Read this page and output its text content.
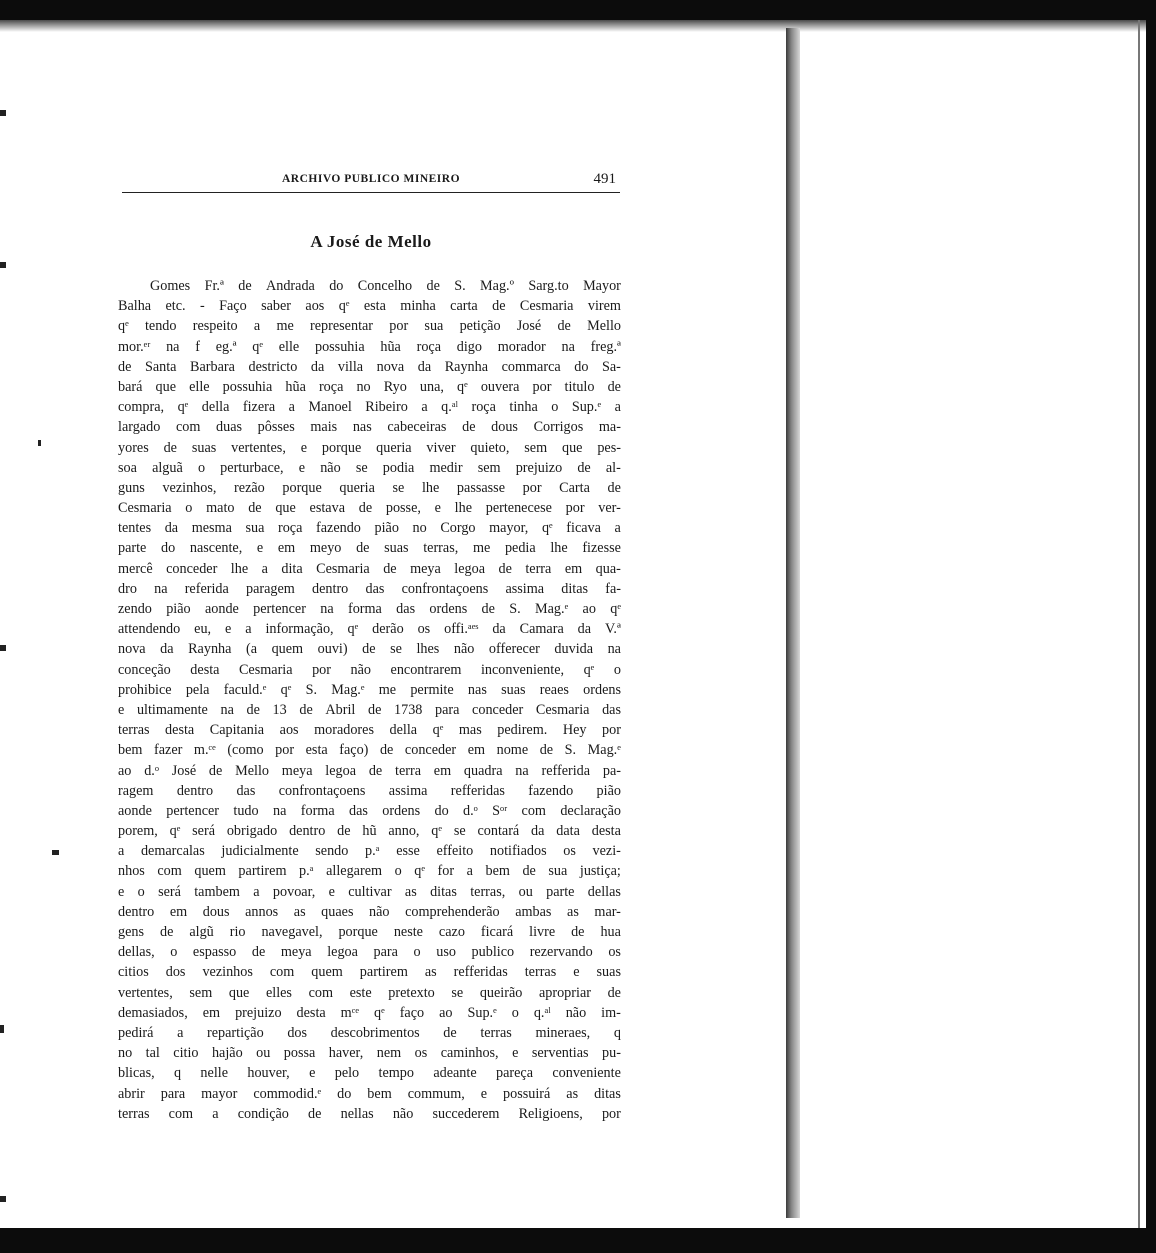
ARCHIVO PUBLICO MINEIRO	491
A José de Mello
Gomes Fr.ª de Andrada do Concelho de S. Mag.º Sarg.to Mayor
Balha etc. - Faço saber aos qᵉ esta minha carta de Cesmaria virem
qᵉ tendo respeito a me representar por sua petição José de Mello
mor.ᵉʳ na f eg.ª qᵉ elle possuhia hũa roça digo morador na freg.ª
de Santa Barbara destricto da villa nova da Raynha commarca do Sa-
bará que elle possuhia hũa roça no Ryo una, qᵉ ouvera por titulo de
compra, qᵉ della fizera a Manoel Ribeiro a q.ᵃˡ roça tinha o Sup.ᵉ a
largado com duas pôsses mais nas cabeceiras de dous Corrigos ma-
yores de suas vertentes, e porque queria viver quieto, sem que pes-
soa alguã o perturbace, e não se podia medir sem prejuizo de al-
guns vezinhos, rezão porque queria se lhe passasse por Carta de
Cesmaria o mato de que estava de posse, e lhe pertenecese por ver-
tentes da mesma sua roça fazendo pião no Corgo mayor, qᵉ ficava a
parte do nascente, e em meyo de suas terras, me pedia lhe fizesse
mercê conceder lhe a dita Cesmaria de meya legoa de terra em qua-
dro na referida paragem dentro das confrontaçoens assima ditas fa-
zendo pião aonde pertencer na forma das ordens de S. Mag.ᵉ ao qᵉ
attendendo eu, e a informação, qᵉ derão os offi.ᵃᵉˢ da Camara da V.ª
nova da Raynha (a quem ouvi) de se lhes não offerecer duvida na
conceção desta Cesmaria por não encontrarem inconveniente, qᵉ o
prohibice pela faculd.ᵉ qᵉ S. Mag.ᵉ me permite nas suas reaes ordens
e ultimamente na de 13 de Abril de 1738 para conceder Cesmaria das
terras desta Capitania aos moradores della qᵉ mas pedirem. Hey por
bem fazer m.ᶜᵉ (como por esta faço) de conceder em nome de S. Mag.ᵉ
ao d.ᵒ José de Mello meya legoa de terra em quadra na refferida pa-
ragem dentro das confrontaçoens assima refferidas fazendo pião
aonde pertencer tudo na forma das ordens do d.ᵒ Sᵒʳ com declaração
porem, qᵉ será obrigado dentro de hũ anno, qᵉ se contará da data desta
a demarcalas judicialmente sendo p.ᵃ esse effeito notifiados os vezi-
nhos com quem partirem p.ᵃ allegarem o qᵉ for a bem de sua justiça;
e o será tambem a povoar, e cultivar as ditas terras, ou parte dellas
dentro em dous annos as quaes não comprehenderão ambas as mar-
gens de algũ rio navegavel, porque neste cazo ficará livre de hua
dellas, o espasso de meya legoa para o uso publico rezervando os
citios dos vezinhos com quem partirem as refferidas terras e suas
vertentes, sem que elles com este pretexto se queirão apropriar de
demasiados, em prejuizo desta mᶜᵉ qᵉ faço ao Sup.ᵉ o q.ᵃˡ não im-
pedirá a repartição dos descobrimentos de terras mineraes, q
no tal citio hajão ou possa haver, nem os caminhos, e serventias pu-
blicas, q nelle houver, e pelo tempo adeante pareça conveniente
abrir para mayor commodid.ᵉ do bem commum, e possuirá as ditas
terras com a condição de nellas não succederem Religioens, por
